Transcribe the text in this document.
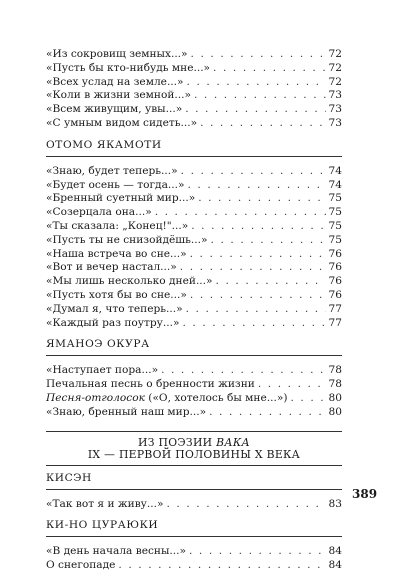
«Из сокровищ земных...» . . .	72
«Пусть бы кто-нибудь мне...» . . .	72
«Всех услад на земле...» . . .	72
«Коли в жизни земной...» . . .	73
«Всем живущим, увы...» . . .	73
«С умным видом сидеть...» . . .	73
ОТОМО ЯКАМОТИ
«Знаю, будет теперь...» . . .	74
«Будет осень — тогда...» . . .	74
«Бренный суетный мир...» . . .	75
«Созерцала она...» . . .	75
«Ты сказала: „Конец!"...» . . .	75
«Пусть ты не снизойдёшь...» . . .	75
«Наша встреча во сне...» . . .	76
«Вот и вечер настал...» . . .	76
«Мы лишь несколько дней...» . . .	76
«Пусть хотя бы во сне...» . . .	76
«Думал я, что теперь...» . . .	77
«Каждый раз поутру...» . . .	77
ЯМАНОЭ ОКУРА
«Наступает пора...» . . .	78
Печальная песнь о бренности жизни . . .	78
Песня-отголосок («О, хотелось бы мне...») . . .	80
«Знаю, бренный наш мир...» . . .	80
ИЗ ПОЭЗИИ ВАКА
IX — ПЕРВОЙ ПОЛОВИНЫ X ВЕКА
КИСЭН
«Так вот я и живу...» . . .	83
КИ-НО ЦУРАЮКИ
«В день начала весны...» . . .	84
О снегопаде . . .	84
389
